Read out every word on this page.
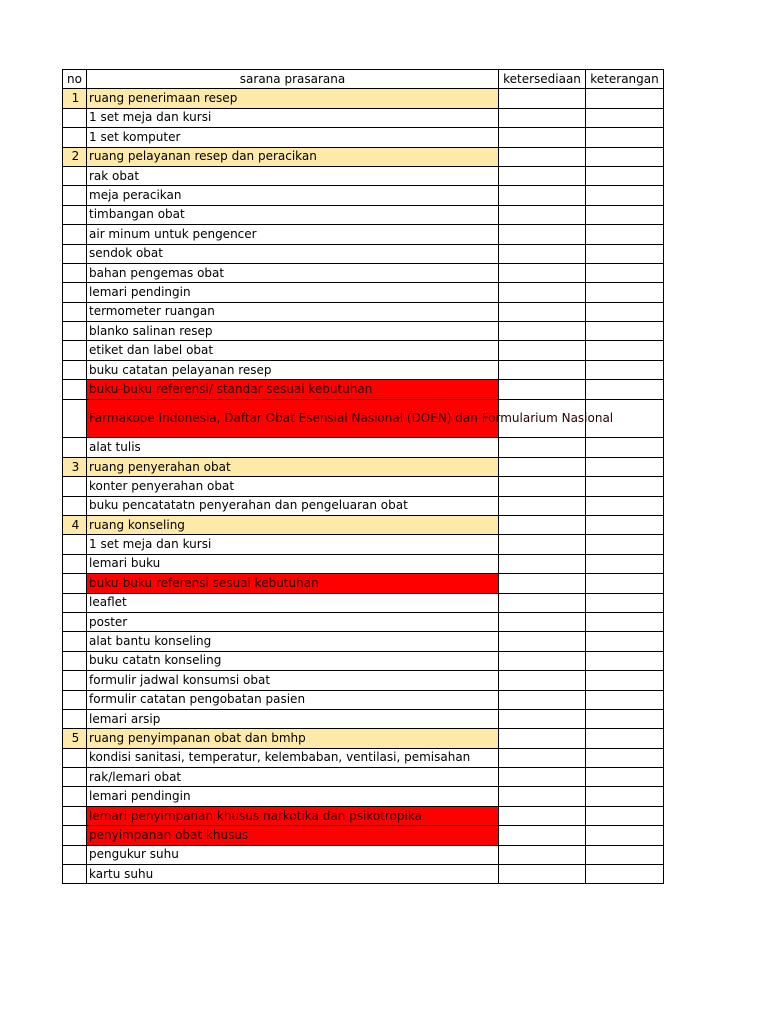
no	sarana prasarana	ketersediaan	keterangan
1	ruang penerimaan resep		
	1 set meja dan kursi		
	1 set komputer		
2	ruang pelayanan resep dan peracikan		
	rak obat		
	meja peracikan		
	timbangan obat		
	air minum untuk pengencer		
	sendok obat		
	bahan pengemas obat		
	lemari pendingin		
	termometer ruangan		
	blanko salinan resep		
	etiket dan label obat		
	buku catatan pelayanan resep		
	buku-buku referensi/ standar sesuai kebutuhan		
	Farmakope Indonesia, Daftar Obat Esensial Nasional (DOEN) dan Formularium Nasional		
	alat tulis		
3	ruang penyerahan obat		
	konter penyerahan obat		
	buku pencatatatn penyerahan dan pengeluaran obat		
4	ruang konseling		
	1 set meja dan kursi		
	lemari buku		
	buku-buku referensi sesuai kebutuhan		
	leaflet		
	poster		
	alat bantu konseling		
	buku catatn konseling		
	formulir jadwal konsumsi obat		
	formulir catatan pengobatan pasien		
	lemari arsip		
5	ruang penyimpanan obat dan bmhp		
	kondisi sanitasi, temperatur, kelembaban, ventilasi, pemisahan		
	rak/lemari obat		
	lemari pendingin		
	lemari penyimpanan khusus narkotika dan psikotropika		
	penyimpanan obat khusus		
	pengukur suhu		
	kartu suhu		
